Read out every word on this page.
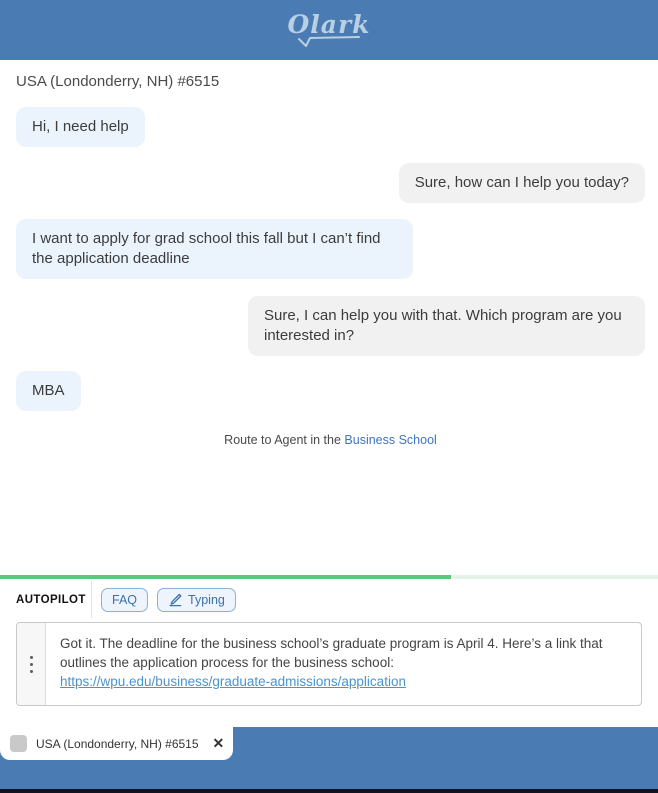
Olark
USA (Londonderry, NH) #6515
Hi, I need help
Sure, how can I help you today?
I want to apply for grad school this fall but I can’t find the application deadline
Sure, I can help you with that. Which program are you interested in?
MBA
Route to Agent in the Business School
AUTOPILOT FAQ	Typing
Got it. The deadline for the business school’s graduate program is April 4. Here’s a link that outlines the application process for the business school:
https://wpu.edu/business/graduate-admissions/application
USA (Londonderry, NH) #6515 ✕
